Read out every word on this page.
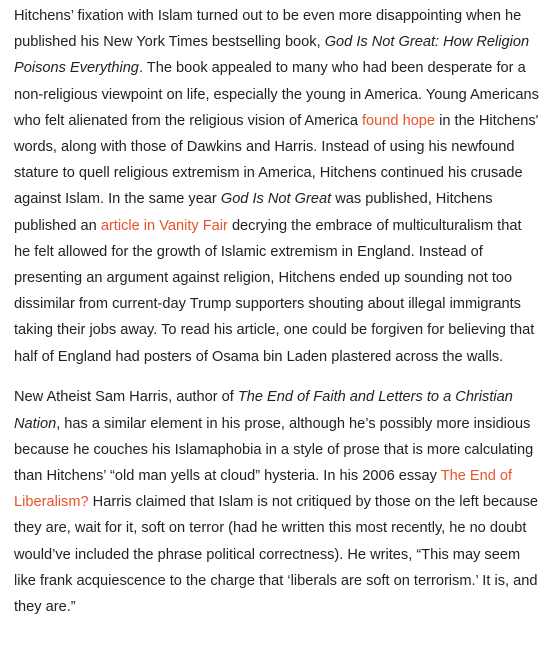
Hitchens’ fixation with Islam turned out to be even more disappointing when he published his New York Times bestselling book, God Is Not Great: How Religion Poisons Everything. The book appealed to many who had been desperate for a non-religious viewpoint on life, especially the young in America. Young Americans who felt alienated from the religious vision of America found hope in the Hitchens' words, along with those of Dawkins and Harris. Instead of using his newfound stature to quell religious extremism in America, Hitchens continued his crusade against Islam. In the same year God Is Not Great was published, Hitchens published an article in Vanity Fair decrying the embrace of multiculturalism that he felt allowed for the growth of Islamic extremism in England. Instead of presenting an argument against religion, Hitchens ended up sounding not too dissimilar from current-day Trump supporters shouting about illegal immigrants taking their jobs away. To read his article, one could be forgiven for believing that half of England had posters of Osama bin Laden plastered across the walls.

New Atheist Sam Harris, author of The End of Faith and Letters to a Christian Nation, has a similar element in his prose, although he’s possibly more insidious because he couches his Islamaphobia in a style of prose that is more calculating than Hitchens’ “old man yells at cloud” hysteria. In his 2006 essay The End of Liberalism? Harris claimed that Islam is not critiqued by those on the left because they are, wait for it, soft on terror (had he written this most recently, he no doubt would’ve included the phrase political correctness). He writes, “This may seem like frank acquiescence to the charge that ‘liberals are soft on terrorism.’ It is, and they are.”
